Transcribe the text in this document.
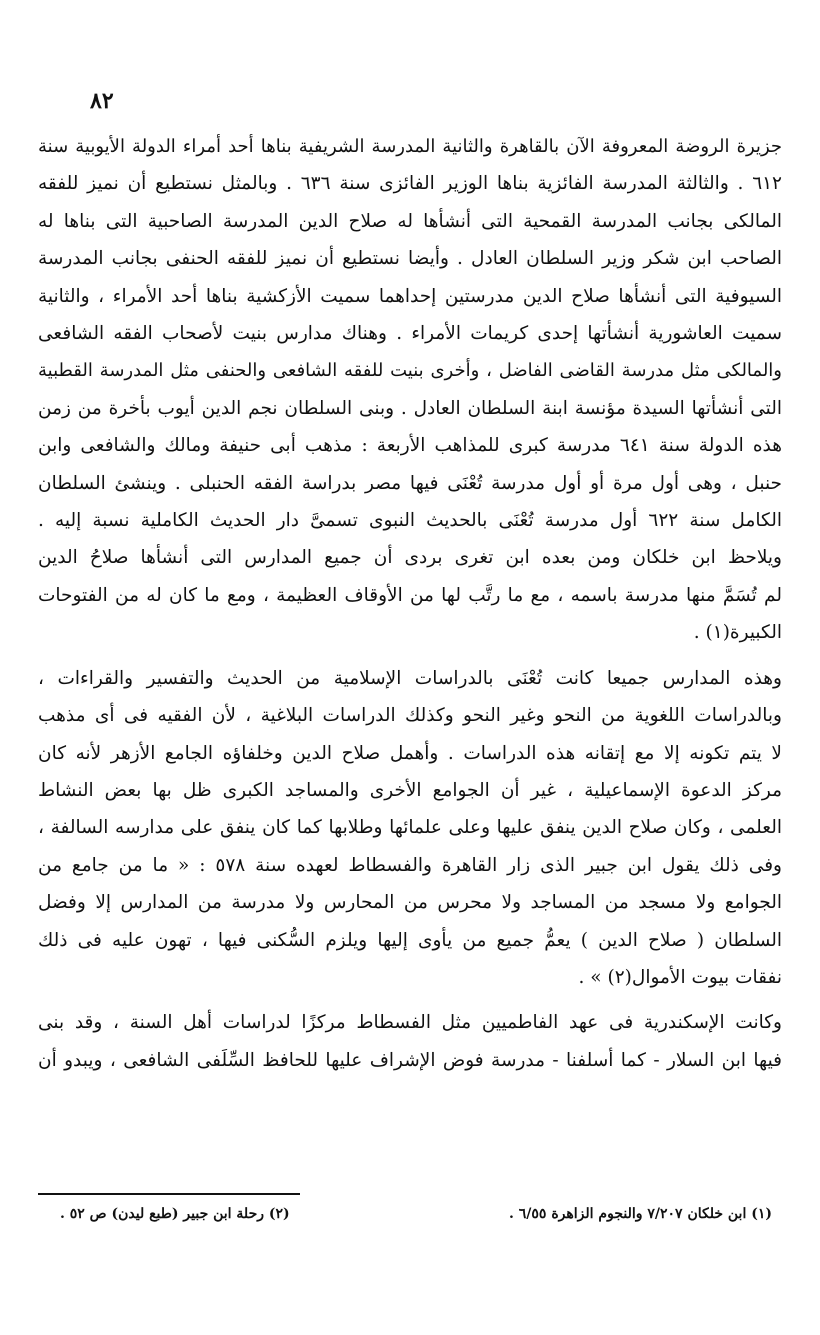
٨٢
جزيرة الروضة المعروفة الآن بالقاهرة والثانية المدرسة الشريفية بناها أحد أمراء الدولة الأيوبية سنة
٦١٢ . والثالثة المدرسة الفائزية بناها الوزير الفائزى سنة ٦٣٦ . وبالمثل نستطيع أن نميز للفقه
المالكى بجانب المدرسة القمحية التى أنشأها له صلاح الدين المدرسة الصاحبية التى بناها له
الصاحب ابن شكر وزير السلطان العادل . وأيضا نستطيع أن نميز للفقه الحنفى بجانب المدرسة
السيوفية التى أنشأها صلاح الدين مدرستين إحداهما سميت الأزكشية بناها أحد الأمراء ، والثانية
سميت العاشورية أنشأتها إحدى كريمات الأمراء . وهناك مدارس بنيت لأصحاب الفقه الشافعى
والمالكى مثل مدرسة القاضى الفاضل ، وأخرى بنيت للفقه الشافعى والحنفى مثل المدرسة القطبية
التى أنشأتها السيدة مؤنسة ابنة السلطان العادل . وبنى السلطان نجم الدين أيوب بأخرة من زمن
هذه الدولة سنة ٦٤١ مدرسة كبرى للمذاهب الأربعة : مذهب أبى حنيفة ومالك والشافعى وابن
حنبل ، وهى أول مرة أو أول مدرسة تُعْنَى فيها مصر بدراسة الفقه الحنبلى . وينشئ السلطان
الكامل سنة ٦٢٢ أول مدرسة تُعْنَى بالحديث النبوى تسمىَّ دار الحديث الكاملية نسبة إليه .
ويلاحظ ابن خلكان ومن بعده ابن تغرى بردى أن جميع المدارس التى أنشأها صلاحُ الدين
لم تُسَمَّ منها مدرسة باسمه ، مع ما رتَّب لها من الأوقاف العظيمة ، ومع ما كان له من الفتوحات
الكبيرة(١) .
وهذه المدارس جميعا كانت تُعْنَى بالدراسات الإسلامية من الحديث والتفسير والقراءات ،
وبالدراسات اللغوية من النحو وغير النحو وكذلك الدراسات البلاغية ، لأن الفقيه فى أى مذهب
لا يتم تكونه إلا مع إتقانه هذه الدراسات . وأهمل صلاح الدين وخلفاؤه الجامع الأزهر لأنه كان
مركز الدعوة الإسماعيلية ، غير أن الجوامع الأخرى والمساجد الكبرى ظل بها بعض النشاط
العلمى ، وكان صلاح الدين ينفق عليها وعلى علمائها وطلابها كما كان ينفق على مدارسه السالفة ،
وفى ذلك يقول ابن جبير الذى زار القاهرة والفسطاط لعهده سنة ٥٧٨ : « ما من جامع من
الجوامع ولا مسجد من المساجد ولا محرس من المحارس ولا مدرسة من المدارس إلا وفضل
السلطان ( صلاح الدين ) يعمُّ جميع من يأوى إليها ويلزم السُّكنى فيها ، تهون عليه فى ذلك
نفقات بيوت الأموال(٢) » .
وكانت الإسكندرية فى عهد الفاطميين مثل الفسطاط مركزًا لدراسات أهل السنة ، وقد بنى
فيها ابن السلار - كما أسلفنا - مدرسة فوض الإشراف عليها للحافظ السِّلَفى الشافعى ، ويبدو أن
(١) ابن خلكان ٧/٢٠٧ والنجوم الزاهرة ٦/٥٥ .
(٢) رحلة ابن جبير (طبع ليدن) ص ٥٢ .
